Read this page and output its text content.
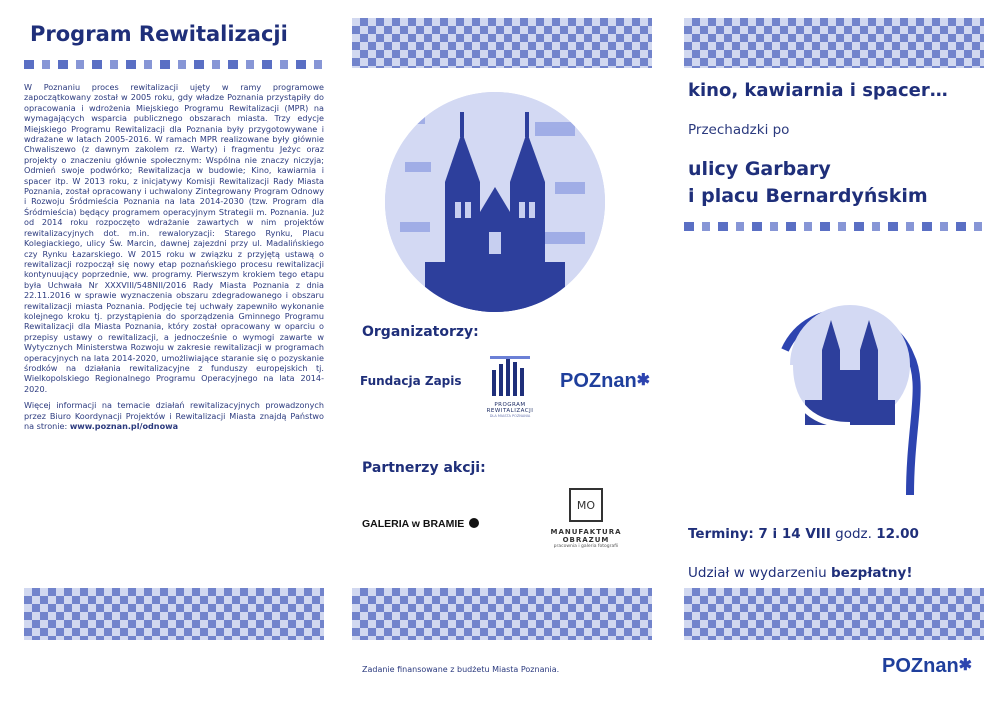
Program Rewitalizacji

W Poznaniu proces rewitalizacji ujęty w ramy programowe zapoczątkowany został w 2005 roku, gdy władze Poznania przystąpiły do opracowania i wdrożenia Miejskiego Programu Rewitalizacji (MPR) na wymagających wsparcia publicznego obszarach miasta. Trzy edycje Miejskiego Programu Rewitalizacji dla Poznania były przygotowywane i wdrażane w latach 2005-2016. W ramach MPR realizowane były głównie Chwaliszewo (z dawnym zakolem rz. Warty) i fragmentu Jeżyc oraz projekty o znaczeniu głównie społecznym: Wspólna nie znaczy niczyja; Odmień swoje podwórko; Rewitalizacja w budowie; Kino, kawiarnia i spacer itp. W 2013 roku, z inicjatywy Komisji Rewitalizacji Rady Miasta Poznania, został opracowany i uchwalony Zintegrowany Program Odnowy i Rozwoju Śródmieścia Poznania na lata 2014-2030 (tzw. Program dla Śródmieścia) będący programem operacyjnym Strategii m. Poznania. Już od 2014 roku rozpoczęto wdrażanie zawartych w nim projektów rewitalizacyjnych dot. m.in. rewaloryzacji: Starego Rynku, Placu Kolegiackiego, ulicy Św. Marcin, dawnej zajezdni przy ul. Madalińskiego czy Rynku Łazarskiego. W 2015 roku w związku z przyjętą ustawą o rewitalizacji rozpoczął się nowy etap poznańskiego procesu rewitalizacji kontynuujący poprzednie, ww. programy. Pierwszym krokiem tego etapu była Uchwała Nr XXXVIII/548NII/2016 Rady Miasta Poznania z dnia 22.11.2016 w sprawie wyznaczenia obszaru zdegradowanego i obszaru rewitalizacji miasta Poznania. Podjęcie tej uchwały zapewniło wykonanie kolejnego kroku tj. przystąpienia do sporządzenia Gminnego Programu Rewitalizacji dla Miasta Poznania, który został opracowany w oparciu o przepisy ustawy o rewitalizacji, a jednocześnie o wymogi zawarte w Wytycznych Ministerstwa Rozwoju w zakresie rewitalizacji w programach operacyjnych na lata 2014-2020, umożliwiające staranie się o pozyskanie środków na działania rewitalizacyjne z funduszy europejskich tj. Wielkopolskiego Regionalnego Programu Operacyjnego na lata 2014-2020.

Więcej informacji na temacie działań rewitalizacyjnych prowadzonych przez Biuro Koordynacji Projektów i Rewitalizacji Miasta znajdą Państwo na stronie: www.poznan.pl/odnowa

Organizatorzy:
Fundacja Zapis
PROGRAM
REWITALIZACJI
DLA MIASTA POZNANIA
POZnan✱
Partnerzy akcji:
GALERIA w BRAMIE
MO
MANUFAKTURA
OBRAZUM
pracownia i galeria fotografii
Zadanie finansowane z budżetu Miasta Poznania.
kino, kawiarnia i spacer…
Przechadzki po
ulicy Garbary
i placu Bernardyńskim
Terminy: 7 i 14 VIII godz. 12.00
Udział w wydarzeniu bezpłatny!
POZnan✱
